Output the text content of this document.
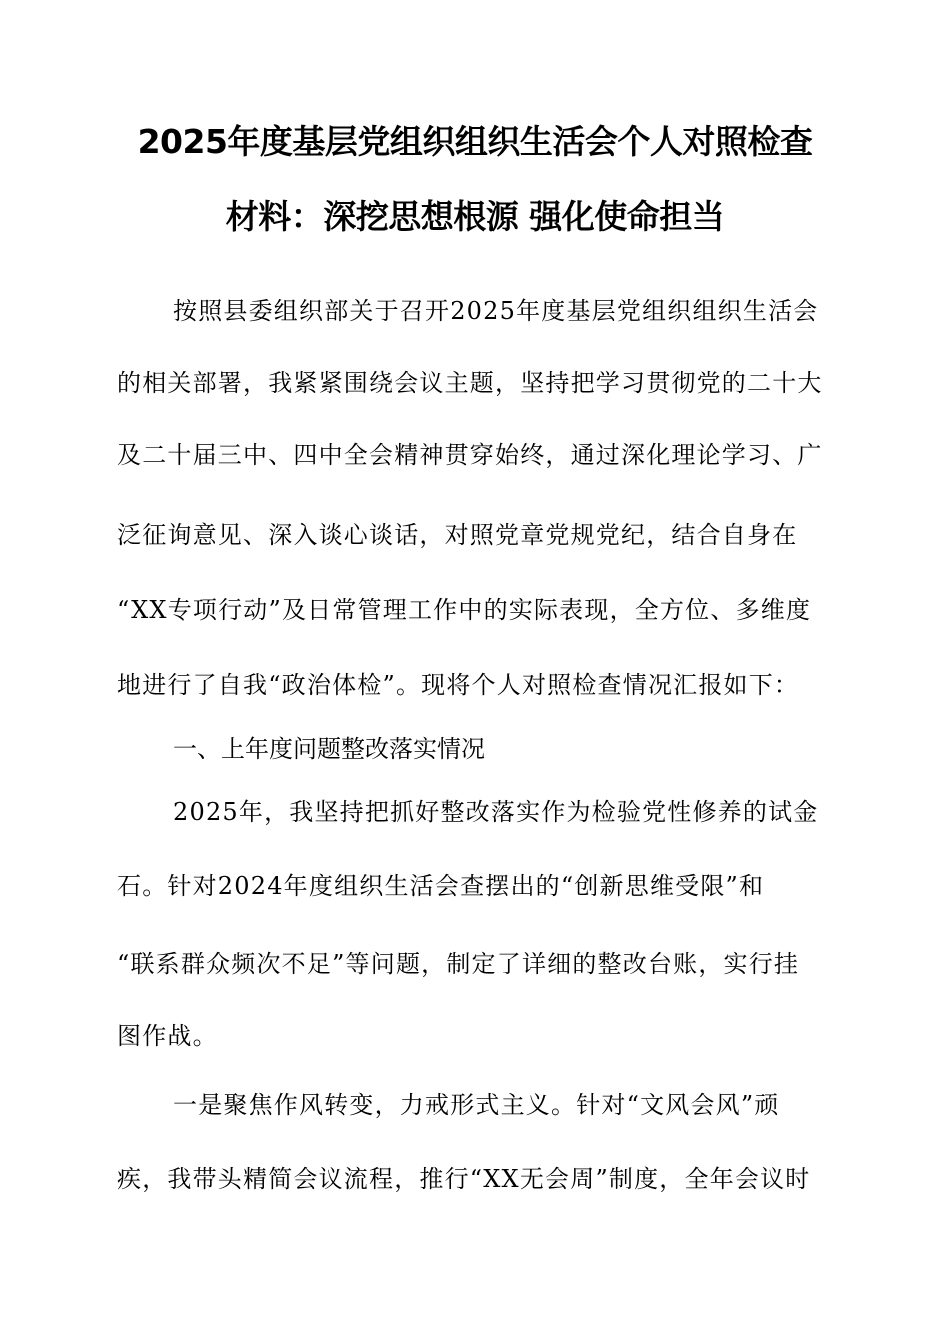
2025年度基层党组织组织生活会个人对照检查
材料：深挖思想根源 强化使命担当
按照县委组织部关于召开2025年度基层党组织组织生活会
的相关部署，我紧紧围绕会议主题，坚持把学习贯彻党的二十大
及二十届三中、四中全会精神贯穿始终，通过深化理论学习、广
泛征询意见、深入谈心谈话，对照党章党规党纪，结合自身在
“XX专项行动”及日常管理工作中的实际表现，全方位、多维度
地进行了自我“政治体检”。现将个人对照检查情况汇报如下：
一、上年度问题整改落实情况
2025年，我坚持把抓好整改落实作为检验党性修养的试金
石。针对2024年度组织生活会查摆出的“创新思维受限”和
“联系群众频次不足”等问题，制定了详细的整改台账，实行挂
图作战。
一是聚焦作风转变，力戒形式主义。针对“文风会风”顽
疾，我带头精简会议流程，推行“XX无会周”制度，全年会议时
